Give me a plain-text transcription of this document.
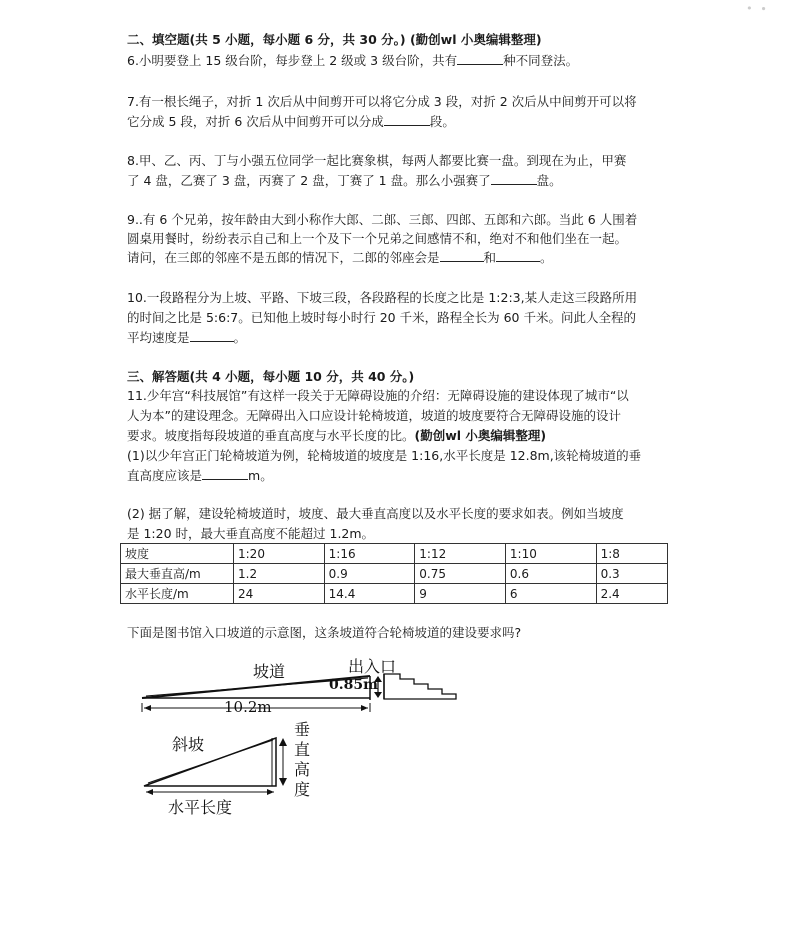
• ∙
二、填空题(共 5 小题，每小题 6 分，共 30 分。) (勤创wl 小奥编辑整理)
6.小明要登上 15 级台阶，每步登上 2 级或 3 级台阶，共有	种不同登法。
7.有一根长绳子，对折 1 次后从中间剪开可以将它分成 3 段，对折 2 次后从中间剪开可以将
它分成 5 段，对折 6 次后从中间剪开可以分成	段。
8.甲、乙、丙、丁与小强五位同学一起比赛象棋，每两人都要比赛一盘。到现在为止，甲赛
了 4 盘，乙赛了 3 盘，丙赛了 2 盘，丁赛了 1 盘。那么小强赛了	盘。
9..有 6 个兄弟，按年龄由大到小称作大郎、二郎、三郎、四郎、五郎和六郎。当此 6 人围着
圆桌用餐时，纷纷表示自己和上一个及下一个兄弟之间感情不和，绝对不和他们坐在一起。
请问，在三郎的邻座不是五郎的情况下，二郎的邻座会是	和	。
10.一段路程分为上坡、平路、下坡三段，各段路程的长度之比是 1:2:3,某人走这三段路所用
的时间之比是 5:6:7。已知他上坡时每小时行 20 千米，路程全长为 60 千米。问此人全程的
平均速度是	。
三、解答题(共 4 小题，每小题 10 分，共 40 分。)
11.少年宫“科技展馆”有这样一段关于无障碍设施的介绍：无障碍设施的建设体现了城市“以
人为本”的建设理念。无障碍出入口应设计轮椅坡道，坡道的坡度要符合无障碍设施的设计
要求。坡度指每段坡道的垂直高度与水平长度的比。(勤创wl 小奥编辑整理)
(1)以少年宫正门轮椅坡道为例，轮椅坡道的坡度是 1:16,水平长度是 12.8m,该轮椅坡道的垂
直高度应该是	m。
(2) 据了解，建设轮椅坡道时，坡度、最大垂直高度以及水平长度的要求如表。例如当坡度
是 1:20 时，最大垂直高度不能超过 1.2m。
坡度	1:20	1:16	1:12	1:10	1:8
最大垂直高/m	1.2	0.9	0.75	0.6	0.3
水平长度/m	24	14.4	9	6	2.4
下面是图书馆入口坡道的示意图，这条坡道符合轮椅坡道的建设要求吗?
坡道	出入口
0.85m
10.2m
斜坡
垂
直
高
度
水平长度
